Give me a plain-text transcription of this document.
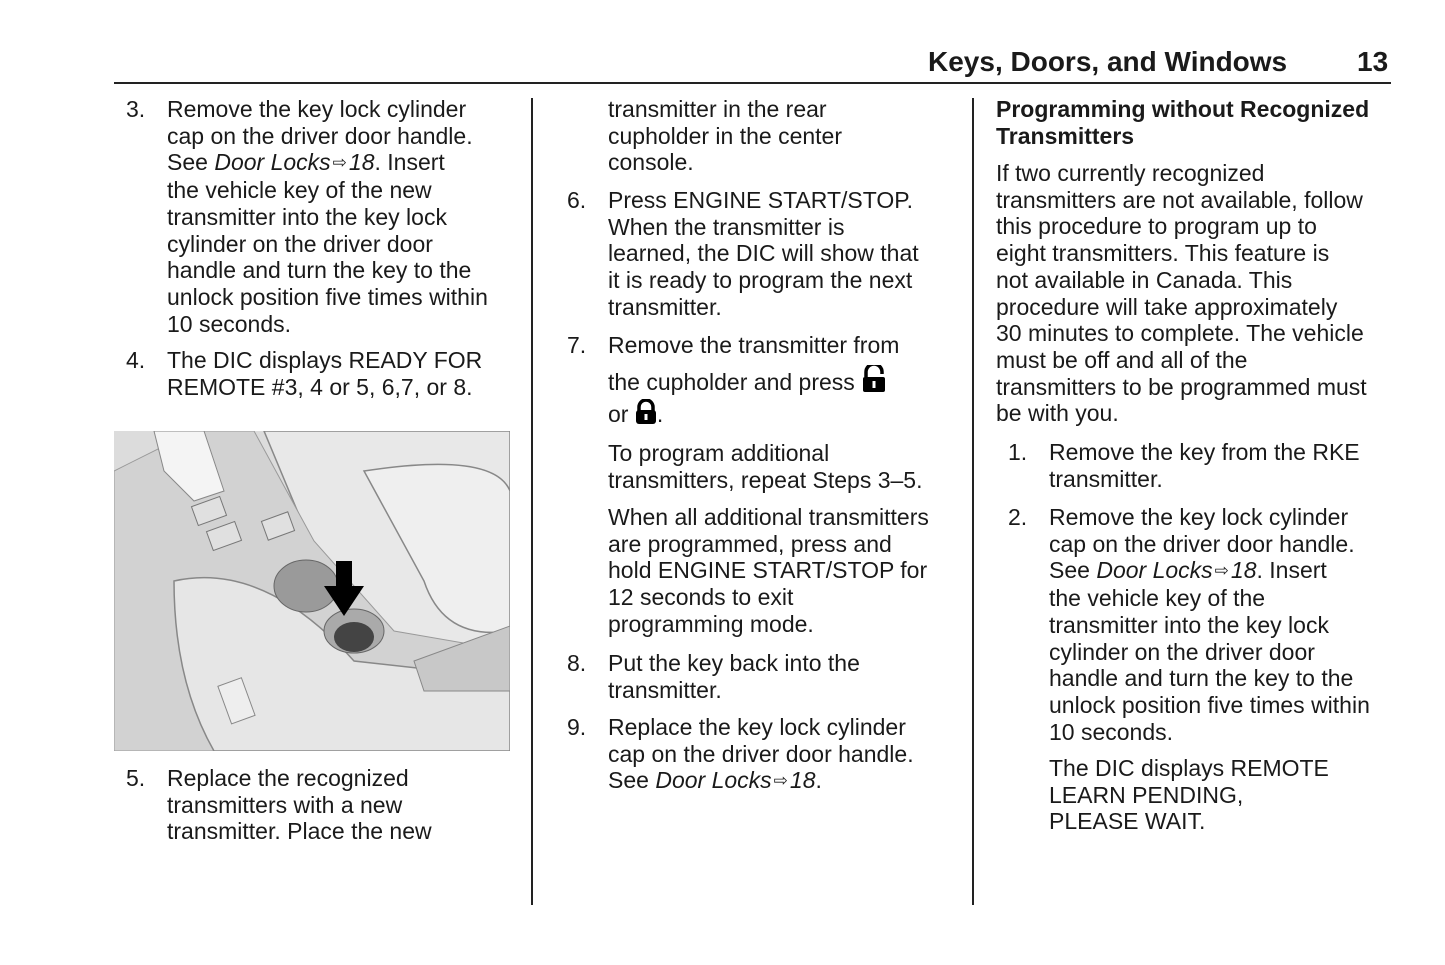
Keys, Doors, and Windows 13
3. Remove the key lock cylinder
cap on the driver door handle.
See Door Locks ⇨18. Insert
the vehicle key of the new
transmitter into the key lock
cylinder on the driver door
handle and turn the key to the
unlock position five times within
10 seconds.
4. The DIC displays READY FOR
REMOTE #3, 4 or 5, 6,7, or 8.
5. Replace the recognized
transmitters with a new
transmitter. Place the new
transmitter in the rear
cupholder in the center
console.
6. Press ENGINE START/STOP.
When the transmitter is
learned, the DIC will show that
it is ready to program the next
transmitter.
7. Remove the transmitter from
the cupholder and press
or .
To program additional
transmitters, repeat Steps 3–5.
When all additional transmitters
are programmed, press and
hold ENGINE START/STOP for
12 seconds to exit
programming mode.
8. Put the key back into the
transmitter.
9. Replace the key lock cylinder
cap on the driver door handle.
See Door Locks ⇨18.
Programming without Recognized
Transmitters
If two currently recognized
transmitters are not available, follow
this procedure to program up to
eight transmitters. This feature is
not available in Canada. This
procedure will take approximately
30 minutes to complete. The vehicle
must be off and all of the
transmitters to be programmed must
be with you.
1. Remove the key from the RKE
transmitter.
2. Remove the key lock cylinder
cap on the driver door handle.
See Door Locks ⇨18. Insert
the vehicle key of the
transmitter into the key lock
cylinder on the driver door
handle and turn the key to the
unlock position five times within
10 seconds.
The DIC displays REMOTE
LEARN PENDING,
PLEASE WAIT.
